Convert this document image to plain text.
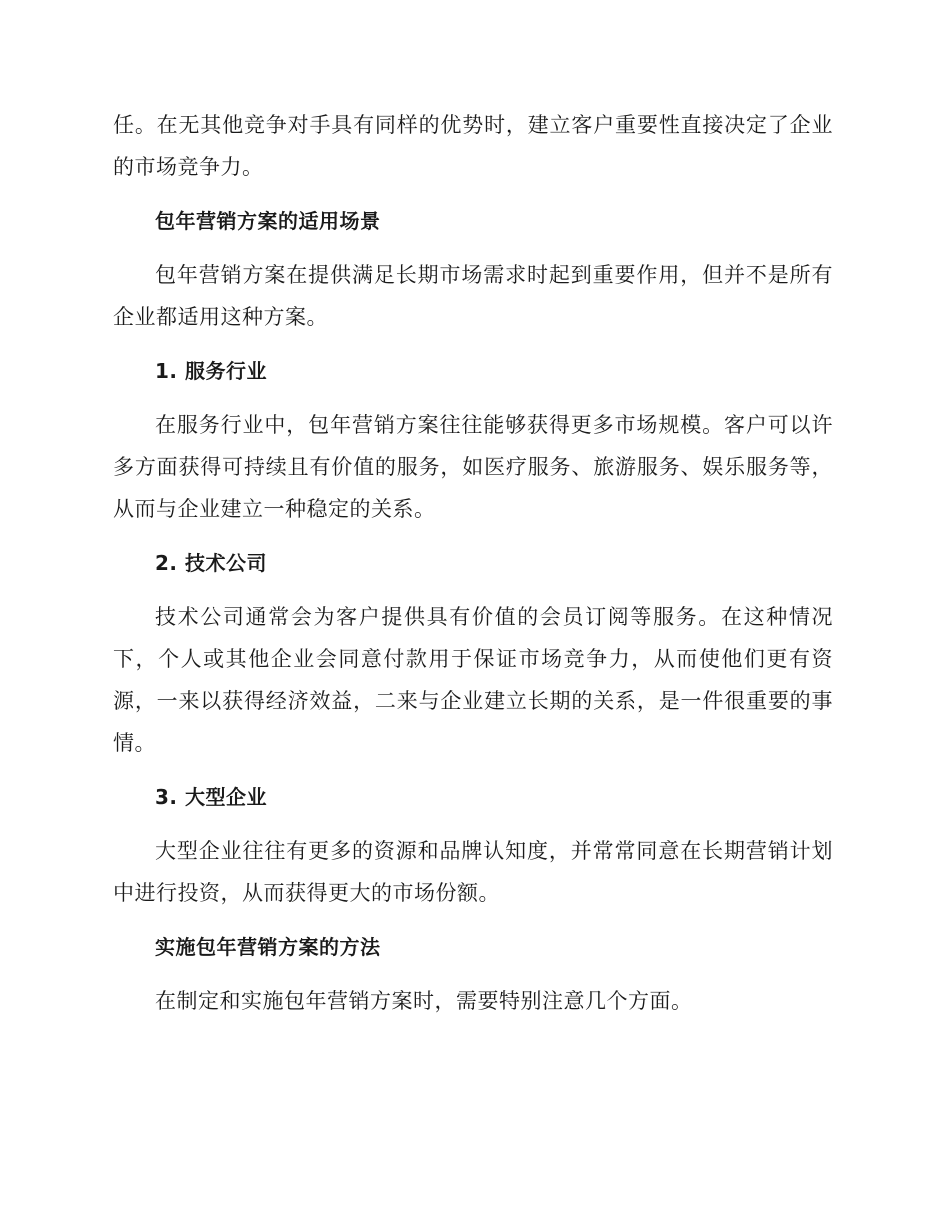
任。在无其他竞争对手具有同样的优势时，建立客户重要性直接决定了企业的市场竞争力。

包年营销方案的适用场景

包年营销方案在提供满足长期市场需求时起到重要作用，但并不是所有企业都适用这种方案。

1. 服务行业

在服务行业中，包年营销方案往往能够获得更多市场规模。客户可以许多方面获得可持续且有价值的服务，如医疗服务、旅游服务、娱乐服务等，从而与企业建立一种稳定的关系。

2. 技术公司

技术公司通常会为客户提供具有价值的会员订阅等服务。在这种情况下，个人或其他企业会同意付款用于保证市场竞争力，从而使他们更有资源，一来以获得经济效益，二来与企业建立长期的关系，是一件很重要的事情。

3. 大型企业

大型企业往往有更多的资源和品牌认知度，并常常同意在长期营销计划中进行投资，从而获得更大的市场份额。

实施包年营销方案的方法

在制定和实施包年营销方案时，需要特别注意几个方面。
